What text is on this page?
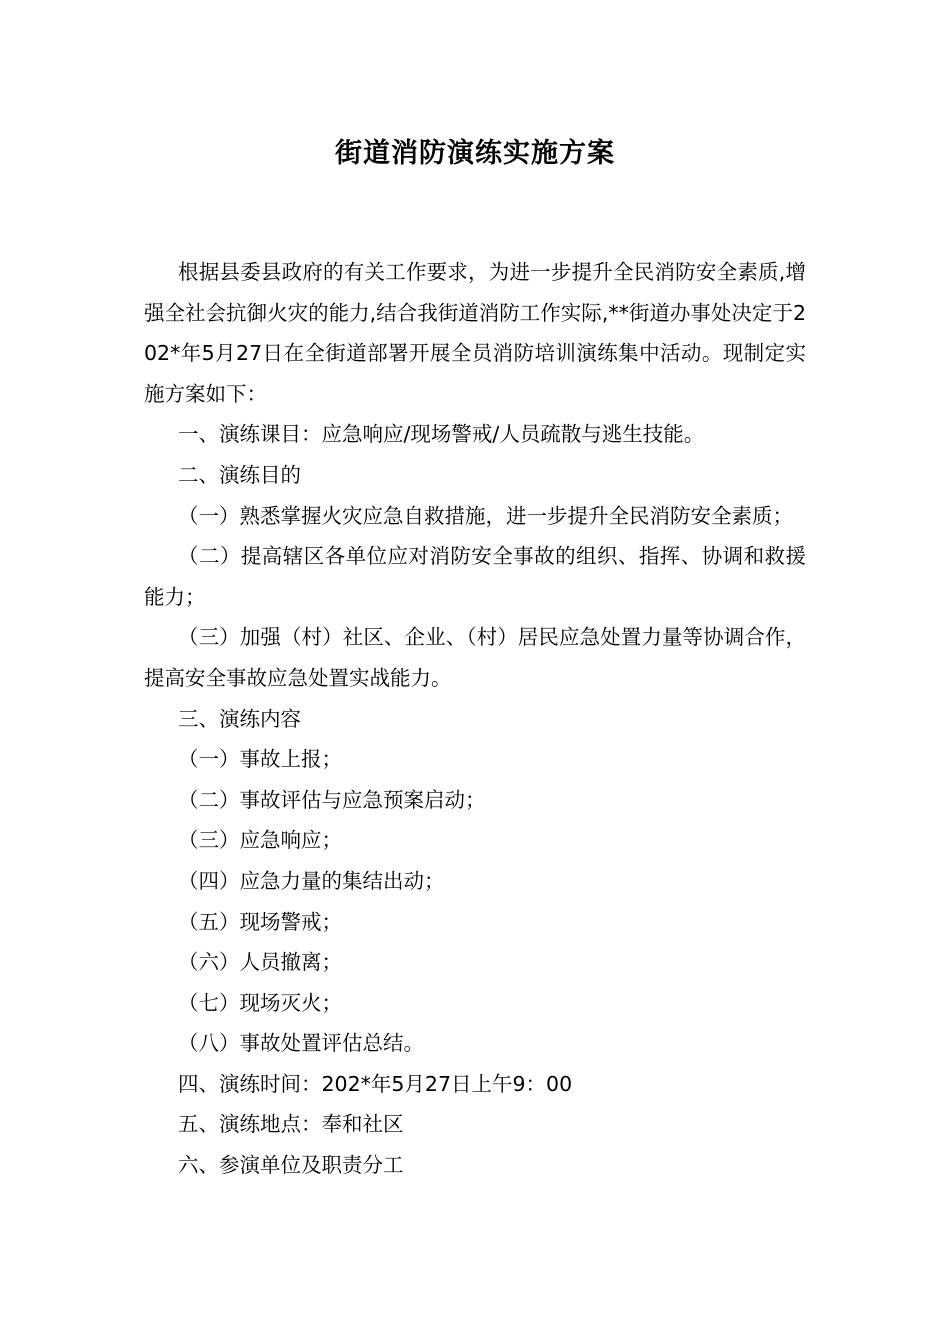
街道消防演练实施方案

根据县委县政府的有关工作要求，为进一步提升全民消防安全素质,增强全社会抗御火灾的能力,结合我街道消防工作实际,**街道办事处决定于202*年5月27日在全街道部署开展全员消防培训演练集中活动。现制定实施方案如下：

一、演练课目：应急响应/现场警戒/人员疏散与逃生技能。

二、演练目的

（一）熟悉掌握火灾应急自救措施，进一步提升全民消防安全素质；

（二）提高辖区各单位应对消防安全事故的组织、指挥、协调和救援能力；

（三）加强（村）社区、企业、（村）居民应急处置力量等协调合作，提高安全事故应急处置实战能力。

三、演练内容

（一）事故上报；

（二）事故评估与应急预案启动；

（三）应急响应；

（四）应急力量的集结出动；

（五）现场警戒；

（六）人员撤离；

（七）现场灭火；

（八）事故处置评估总结。

四、演练时间：202*年5月27日上午9：00

五、演练地点：奉和社区

六、参演单位及职责分工
